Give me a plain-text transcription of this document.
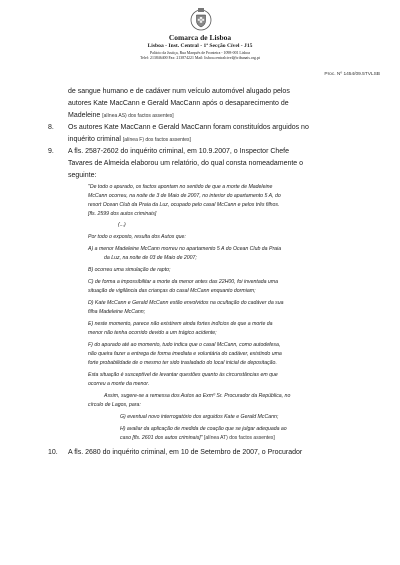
Comarca de Lisboa
Lisboa - Inst. Central - 1ª Secção Cível - J15
Palácio da Justiça, Rua Marquês de Fronteira - 1098-001 Lisboa
Telef: 213846400 Fax: 213874221 Mail: lisboa.centralcivel@tribunais.org.pt
Proc. Nº 1454/09.5TVLSB
de sangue humano e de cadáver num veículo automóvel alugado pelos
autores Kate MacCann e Gerald MacCann após o desaparecimento de
Madeleine [alínea AS) dos factos assentes]
8. Os autores Kate MacCann e Gerald MacCann foram constituídos arguidos no
inquérito criminal [alínea F) dos factos assentes]
9. A fls. 2587-2602 do inquérito criminal, em 10.9.2007, o Inspector Chefe
Tavares de Almeida elaborou um relatório, do qual consta nomeadamente o
seguinte:
"De todo o apurado, os factos apontam no sentido de que a morte de Madeleine
McCann ocorreu, na noite de 3 de Maio de 2007, no interior do apartamento 5 A, do
resort Ocean Club da Praia da Luz, ocupado pelo casal McCann e pelos três filhos.
[fls. 2599 dos autos criminais]
(...)
Por todo o exposto, resulta dos Autos que:
A) a menor Madeleine McCann morreu no apartamento 5 A do Ocean Club da Praia
da Luz, na noite de 03 de Maio de 2007;
B) ocorreu uma simulação de rapto;
C) de forma a impossibilitar a morte da menor antes das 22H00, foi inventada uma
situação de vigilância das crianças do casal McCann enquanto dormiam;
D) Kate McCann e Gerald McCann estão envolvidos na ocultação do cadáver da sua
filha Madeleine McCann;
E) neste momento, parece não existirem ainda fortes indícios de que a morte da
menor não tenha ocorrido devido a um trágico acidente;
F) do apurado até ao momento, tudo indica que o casal McCann, como autodefesa,
não queira fazer a entrega de forma imediata e voluntária do cadáver, existindo uma
forte probabilidade de o mesmo ter sido trasladado do local inicial de depositação.
Esta situação é susceptível de levantar questões quanto às circunstâncias em que
ocorreu a morte da menor.
Assim, sugere-se a remessa dos Autos ao Exmº Sr. Procurador da República, no
círculo de Lagos, para:
G) eventual novo interrogatório dos arguidos Kate e Gerald McCann;
H) avaliar da aplicação de medida de coação que se julgar adequada ao
caso [fls. 2601 dos autos criminais]" [alínea AT) dos factos assentes]
10. A fls. 2680 do inquérito criminal, em 10 de Setembro de 2007, o Procurador
